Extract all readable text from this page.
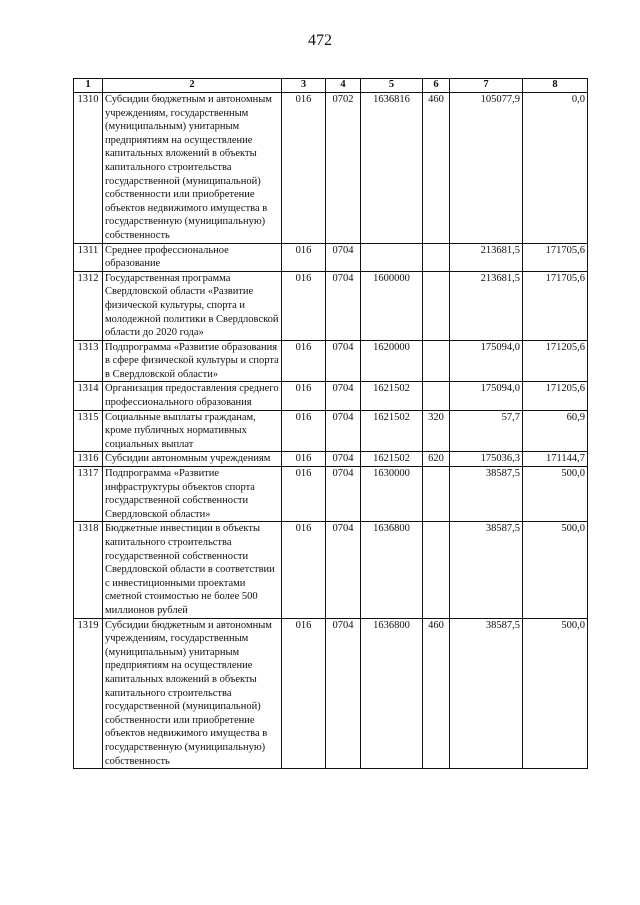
472
1	2	3	4	5	6	7	8
1310	Субсидии бюджетным и автономным учреждениям, государственным (муниципальным) унитарным предприятиям на осуществление капитальных вложений в объекты капитального строительства государственной (муниципальной) собственности или приобретение объектов недвижимого имущества в государственную (муниципальную) собственность	016	0702	1636816	460	105077,9	0,0
1311	Среднее профессиональное образование	016	0704			213681,5	171705,6
1312	Государственная программа Свердловской области «Развитие физической культуры, спорта и молодежной политики в Свердловской области до 2020 года»	016	0704	1600000		213681,5	171705,6
1313	Подпрограмма «Развитие образования в сфере физической культуры и спорта в Свердловской области»	016	0704	1620000		175094,0	171205,6
1314	Организация предоставления среднего профессионального образования	016	0704	1621502		175094,0	171205,6
1315	Социальные выплаты гражданам, кроме публичных нормативных социальных выплат	016	0704	1621502	320	57,7	60,9
1316	Субсидии автономным учреждениям	016	0704	1621502	620	175036,3	171144,7
1317	Подпрограмма «Развитие инфраструктуры объектов спорта государственной собственности Свердловской области»	016	0704	1630000		38587,5	500,0
1318	Бюджетные инвестиции в объекты капитального строительства государственной собственности Свердловской области в соответствии с инвестиционными проектами сметной стоимостью не более 500 миллионов рублей	016	0704	1636800		38587,5	500,0
1319	Субсидии бюджетным и автономным учреждениям, государственным (муниципальным) унитарным предприятиям на осуществление капитальных вложений в объекты капитального строительства государственной (муниципальной) собственности или приобретение объектов недвижимого имущества в государственную (муниципальную) собственность	016	0704	1636800	460	38587,5	500,0
